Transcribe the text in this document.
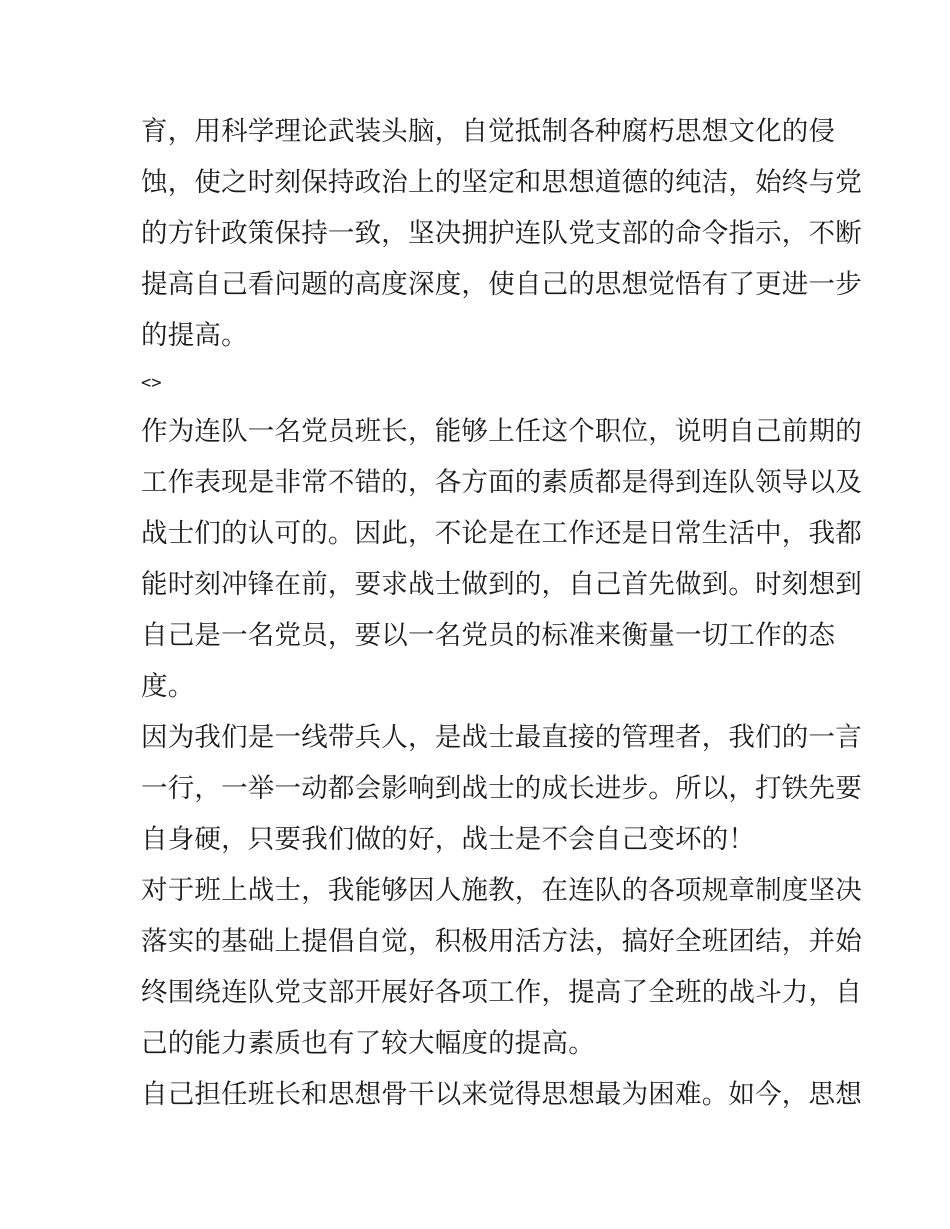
育，用科学理论武装头脑，自觉抵制各种腐朽思想文化的侵
蚀，使之时刻保持政治上的坚定和思想道德的纯洁，始终与党
的方针政策保持一致，坚决拥护连队党支部的命令指示，不断
提高自己看问题的高度深度，使自己的思想觉悟有了更进一步
的提高。
<>
作为连队一名党员班长，能够上任这个职位，说明自己前期的
工作表现是非常不错的，各方面的素质都是得到连队领导以及
战士们的认可的。因此，不论是在工作还是日常生活中，我都
能时刻冲锋在前，要求战士做到的，自己首先做到。时刻想到
自己是一名党员，要以一名党员的标准来衡量一切工作的态
度。
因为我们是一线带兵人，是战士最直接的管理者，我们的一言
一行，一举一动都会影响到战士的成长进步。所以，打铁先要
自身硬，只要我们做的好，战士是不会自己变坏的！
对于班上战士，我能够因人施教，在连队的各项规章制度坚决
落实的基础上提倡自觉，积极用活方法，搞好全班团结，并始
终围绕连队党支部开展好各项工作，提高了全班的战斗力，自
己的能力素质也有了较大幅度的提高。
自己担任班长和思想骨干以来觉得思想最为困难。如今，思想
